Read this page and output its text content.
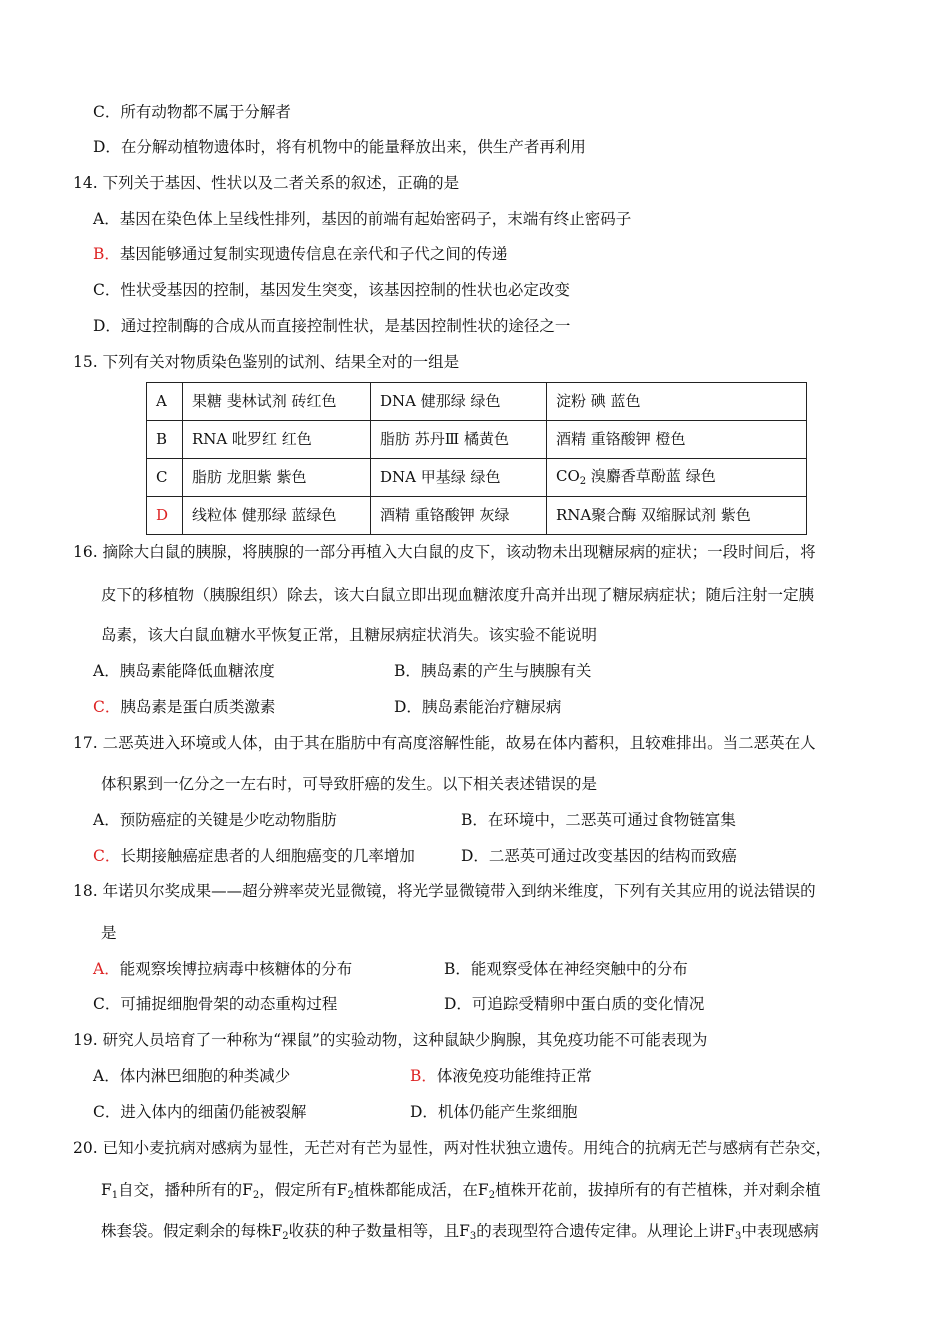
C．所有动物都不属于分解者
D．在分解动植物遗体时，将有机物中的能量释放出来，供生产者再利用
14. 下列关于基因、性状以及二者关系的叙述，正确的是
A．基因在染色体上呈线性排列，基因的前端有起始密码子，末端有终止密码子
B．基因能够通过复制实现遗传信息在亲代和子代之间的传递
C．性状受基因的控制，基因发生突变，该基因控制的性状也必定改变
D．通过控制酶的合成从而直接控制性状，是基因控制性状的途径之一
15. 下列有关对物质染色鉴别的试剂、结果全对的一组是
A	果糖 斐林试剂 砖红色	DNA 健那绿 绿色	淀粉 碘 蓝色
B	RNA 吡罗红 红色	脂肪 苏丹Ⅲ 橘黄色	酒精 重铬酸钾 橙色
C	脂肪 龙胆紫 紫色	DNA 甲基绿 绿色	$CO_2$ 溴麝香草酚蓝 绿色
D	线粒体 健那绿 蓝绿色	酒精 重铬酸钾 灰绿	RNA聚合酶 双缩脲试剂 紫色
16. 摘除大白鼠的胰腺，将胰腺的一部分再植入大白鼠的皮下，该动物未出现糖尿病的症状；一段时间后，将
皮下的移植物（胰腺组织）除去，该大白鼠立即出现血糖浓度升高并出现了糖尿病症状；随后注射一定胰
岛素，该大白鼠血糖水平恢复正常，且糖尿病症状消失。该实验不能说明
A．胰岛素能降低血糖浓度	B．胰岛素的产生与胰腺有关
C．胰岛素是蛋白质类激素	D．胰岛素能治疗糖尿病
17. 二恶英进入环境或人体，由于其在脂肪中有高度溶解性能，故易在体内蓄积，且较难排出。当二恶英在人
体积累到一亿分之一左右时，可导致肝癌的发生。以下相关表述错误的是
A．预防癌症的关键是少吃动物脂肪	B．在环境中，二恶英可通过食物链富集
C．长期接触癌症患者的人细胞癌变的几率增加	D．二恶英可通过改变基因的结构而致癌
18. 年诺贝尔奖成果——超分辨率荧光显微镜，将光学显微镜带入到纳米维度，下列有关其应用的说法错误的
是
A．能观察埃博拉病毒中核糖体的分布	B．能观察受体在神经突触中的分布
C．可捕捉细胞骨架的动态重构过程	D．可追踪受精卵中蛋白质的变化情况
19. 研究人员培育了一种称为“裸鼠”的实验动物，这种鼠缺少胸腺，其免疫功能不可能表现为
A．体内淋巴细胞的种类减少	B．体液免疫功能维持正常
C．进入体内的细菌仍能被裂解	D．机体仍能产生浆细胞
20. 已知小麦抗病对感病为显性，无芒对有芒为显性，两对性状独立遗传。用纯合的抗病无芒与感病有芒杂交，
$F_1$自交，播种所有的$F_2$，假定所有$F_2$植株都能成活，在$F_2$植株开花前，拔掉所有的有芒植株，并对剩余植
株套袋。假定剩余的每株$F_2$收获的种子数量相等，且$F_3$的表现型符合遗传定律。从理论上讲$F_3$中表现感病
